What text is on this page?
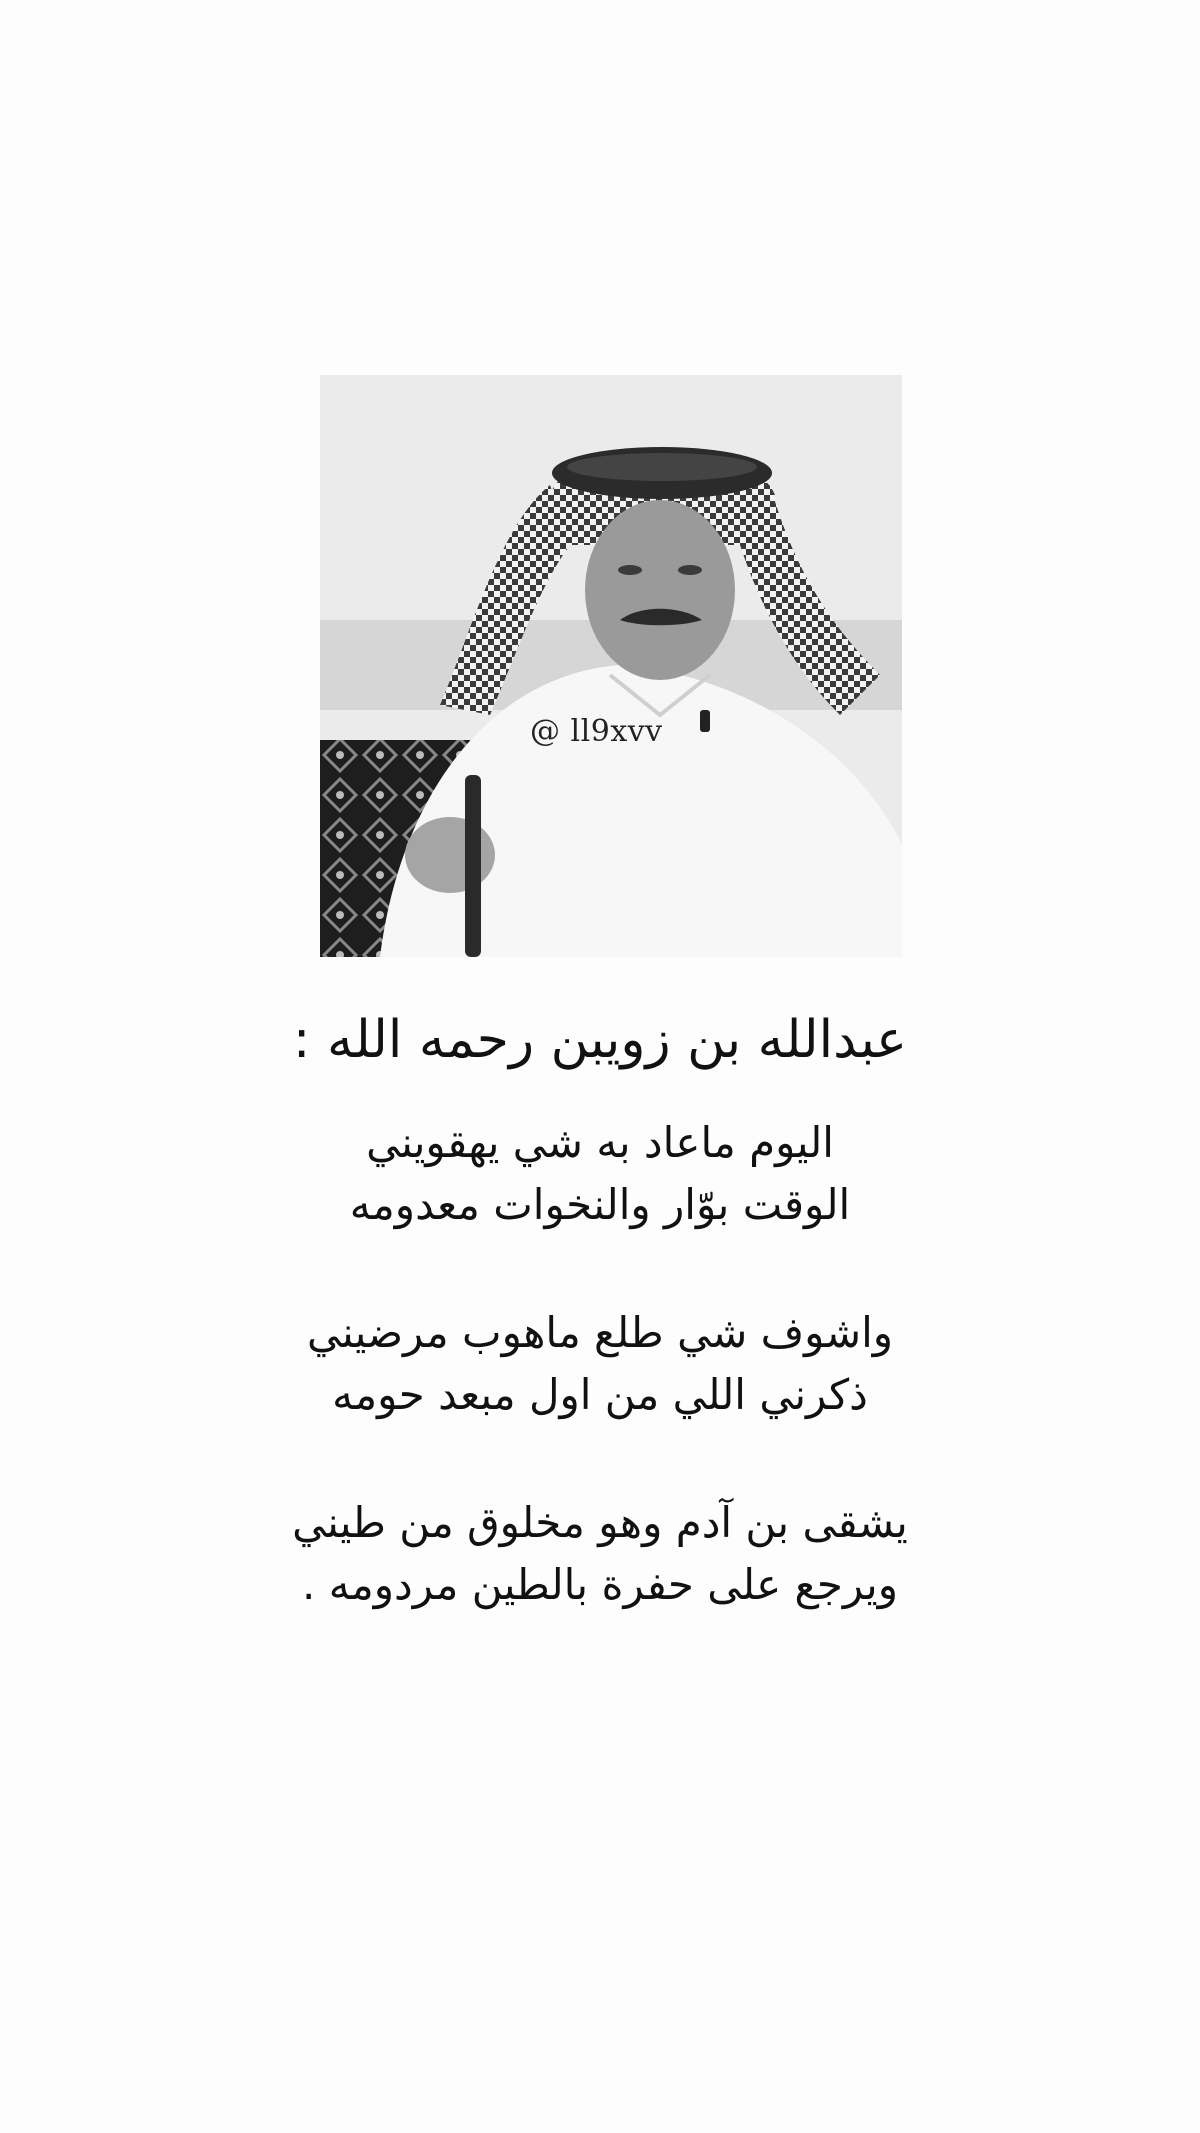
@ ll9xvv
عبدالله بن زويبن رحمه الله :
اليوم ماعاد به شي يهقويني
الوقت بوّار والنخوات معدومه
واشوف شي طلع ماهوب مرضيني
ذكرني اللي من اول مبعد حومه
يشقى بن آدم وهو مخلوق من طيني
ويرجع على حفرة بالطين مردومه .
